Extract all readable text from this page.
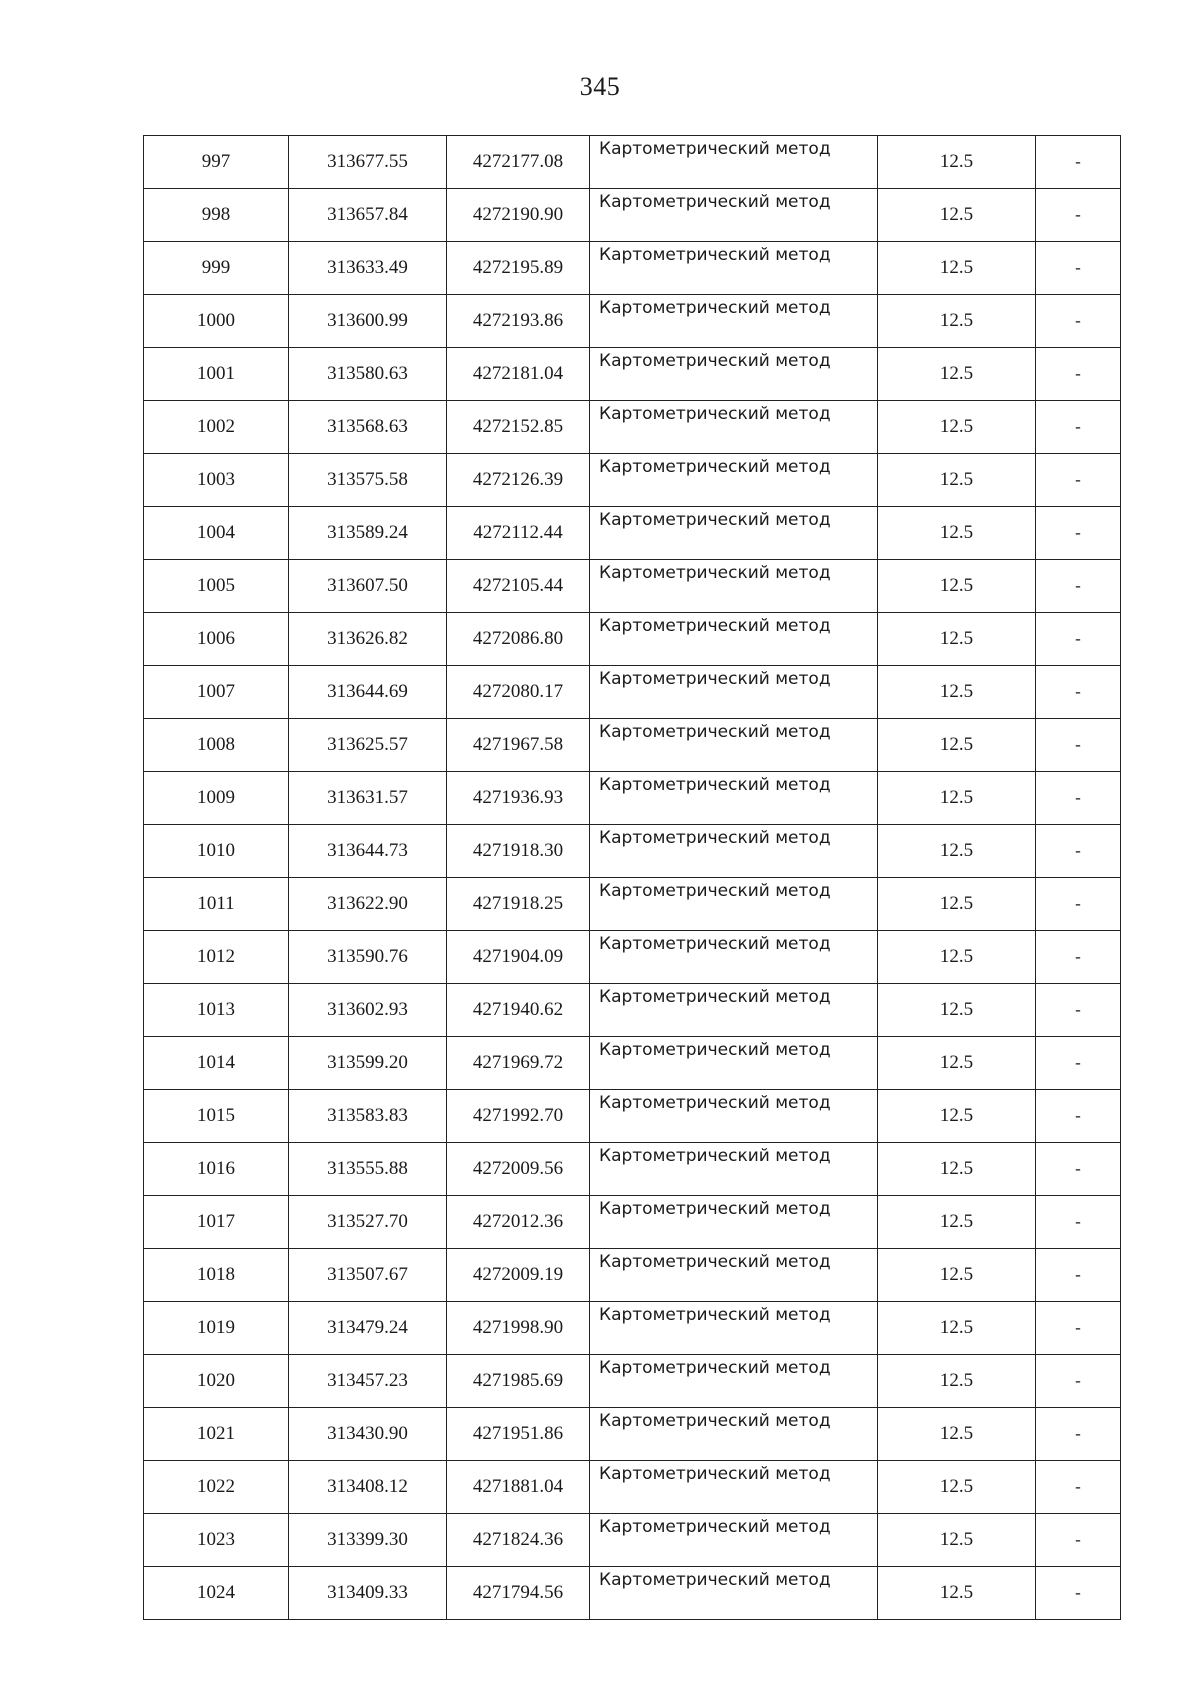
345
997	313677.55	4272177.08	Картометрический метод	12.5	-
998	313657.84	4272190.90	Картометрический метод	12.5	-
999	313633.49	4272195.89	Картометрический метод	12.5	-
1000	313600.99	4272193.86	Картометрический метод	12.5	-
1001	313580.63	4272181.04	Картометрический метод	12.5	-
1002	313568.63	4272152.85	Картометрический метод	12.5	-
1003	313575.58	4272126.39	Картометрический метод	12.5	-
1004	313589.24	4272112.44	Картометрический метод	12.5	-
1005	313607.50	4272105.44	Картометрический метод	12.5	-
1006	313626.82	4272086.80	Картометрический метод	12.5	-
1007	313644.69	4272080.17	Картометрический метод	12.5	-
1008	313625.57	4271967.58	Картометрический метод	12.5	-
1009	313631.57	4271936.93	Картометрический метод	12.5	-
1010	313644.73	4271918.30	Картометрический метод	12.5	-
1011	313622.90	4271918.25	Картометрический метод	12.5	-
1012	313590.76	4271904.09	Картометрический метод	12.5	-
1013	313602.93	4271940.62	Картометрический метод	12.5	-
1014	313599.20	4271969.72	Картометрический метод	12.5	-
1015	313583.83	4271992.70	Картометрический метод	12.5	-
1016	313555.88	4272009.56	Картометрический метод	12.5	-
1017	313527.70	4272012.36	Картометрический метод	12.5	-
1018	313507.67	4272009.19	Картометрический метод	12.5	-
1019	313479.24	4271998.90	Картометрический метод	12.5	-
1020	313457.23	4271985.69	Картометрический метод	12.5	-
1021	313430.90	4271951.86	Картометрический метод	12.5	-
1022	313408.12	4271881.04	Картометрический метод	12.5	-
1023	313399.30	4271824.36	Картометрический метод	12.5	-
1024	313409.33	4271794.56	Картометрический метод	12.5	-
